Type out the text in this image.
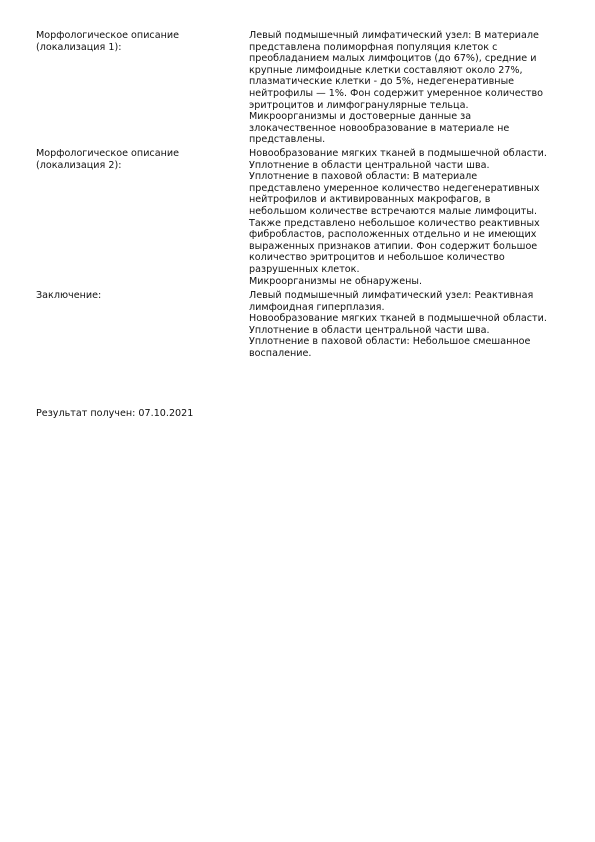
Морфологическое описание
(локализация 1):

Левый подмышечный лимфатический узел: В материале
представлена полиморфная популяция клеток с
преобладанием малых лимфоцитов (до 67%), средние и
крупные лимфоидные клетки составляют около 27%,
плазматические клетки - до 5%, недегенеративные
нейтрофилы — 1%. Фон содержит умеренное количество
эритроцитов и лимфогранулярные тельца.
Микроорганизмы и достоверные данные за
злокачественное новообразование в материале не
представлены.

Морфологическое описание
(локализация 2):

Новообразование мягких тканей в подмышечной области.

Уплотнение в области центральной части шва.

Уплотнение в паховой области: В материале
представлено умеренное количество недегенеративных
нейтрофилов и активированных макрофагов, в
небольшом количестве встречаются малые лимфоциты.
Также представлено небольшое количество реактивных
фибробластов, расположенных отдельно и не имеющих
выраженных признаков атипии. Фон содержит большое
количество эритроцитов и небольшое количество
разрушенных клеток.

Микроорганизмы не обнаружены.

Заключение:	Левый подмышечный лимфатический узел: Реактивная
лимфоидная гиперплазия.

Новообразование мягких тканей в подмышечной области.

Уплотнение в области центральной части шва.

Уплотнение в паховой области: Небольшое смешанное
воспаление.

Результат получен: 07.10.2021
